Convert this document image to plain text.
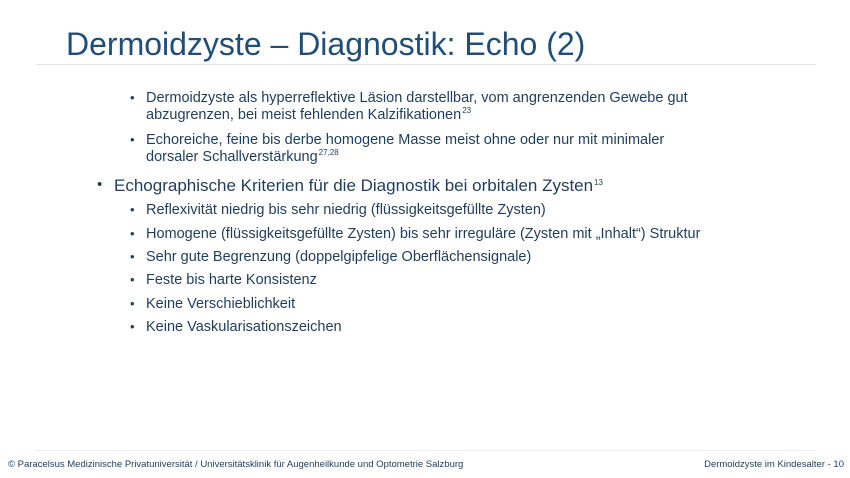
Dermoidzyste – Diagnostik: Echo (2)
• Dermoidzyste als hyperreflektive Läsion darstellbar, vom angrenzenden Gewebe gut
abzugrenzen, bei meist fehlenden Kalzifikationen$^{23}$
• Echoreiche, feine bis derbe homogene Masse meist ohne oder nur mit minimaler
dorsaler Schallverstärkung$^{27,28}$
• Echographische Kriterien für die Diagnostik bei orbitalen Zysten$^{13}$
• Reflexivität niedrig bis sehr niedrig (flüssigkeitsgefüllte Zysten)
• Homogene (flüssigkeitsgefüllte Zysten) bis sehr irreguläre (Zysten mit „Inhalt“) Struktur
• Sehr gute Begrenzung (doppelgipfelige Oberflächensignale)
• Feste bis harte Konsistenz
• Keine Verschieblichkeit
• Keine Vaskularisationszeichen
© Paracelsus Medizinische Privatuniversität / Universitätsklinik für Augenheilkunde und Optometrie Salzburg	Dermoidzyste im Kindesalter - 10
